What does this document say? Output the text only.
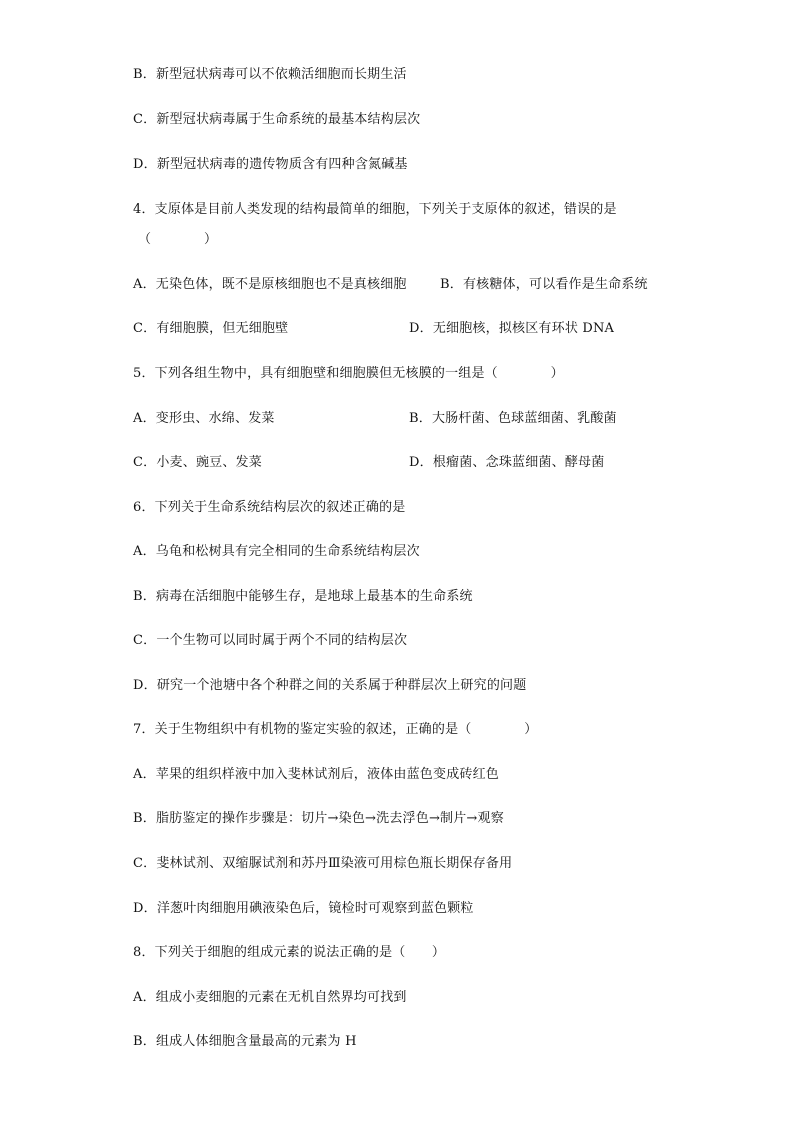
B．新型冠状病毒可以不依赖活细胞而长期生活
C．新型冠状病毒属于生命系统的最基本结构层次
D．新型冠状病毒的遗传物质含有四种含氮碱基
4．支原体是目前人类发现的结构最简单的细胞，下列关于支原体的叙述，错误的是
（　　　　）
A．无染色体，既不是原核细胞也不是真核细胞	B．有核糖体，可以看作是生命系统
C．有细胞膜，但无细胞壁	D．无细胞核，拟核区有环状 DNA
5．下列各组生物中，具有细胞壁和细胞膜但无核膜的一组是（　　　　）
A．变形虫、水绵、发菜	B．大肠杆菌、色球蓝细菌、乳酸菌
C．小麦、豌豆、发菜	D．根瘤菌、念珠蓝细菌、酵母菌
6．下列关于生命系统结构层次的叙述正确的是
A．乌龟和松树具有完全相同的生命系统结构层次
B．病毒在活细胞中能够生存，是地球上最基本的生命系统
C．一个生物可以同时属于两个不同的结构层次
D．研究一个池塘中各个种群之间的关系属于种群层次上研究的问题
7．关于生物组织中有机物的鉴定实验的叙述，正确的是（　　　　）
A．苹果的组织样液中加入斐林试剂后，液体由蓝色变成砖红色
B．脂肪鉴定的操作步骤是：切片→染色→洗去浮色→制片→观察
C．斐林试剂、双缩脲试剂和苏丹Ⅲ染液可用棕色瓶长期保存备用
D．洋葱叶肉细胞用碘液染色后，镜检时可观察到蓝色颗粒
8．下列关于细胞的组成元素的说法正确的是（　　）
A．组成小麦细胞的元素在无机自然界均可找到
B．组成人体细胞含量最高的元素为 H
